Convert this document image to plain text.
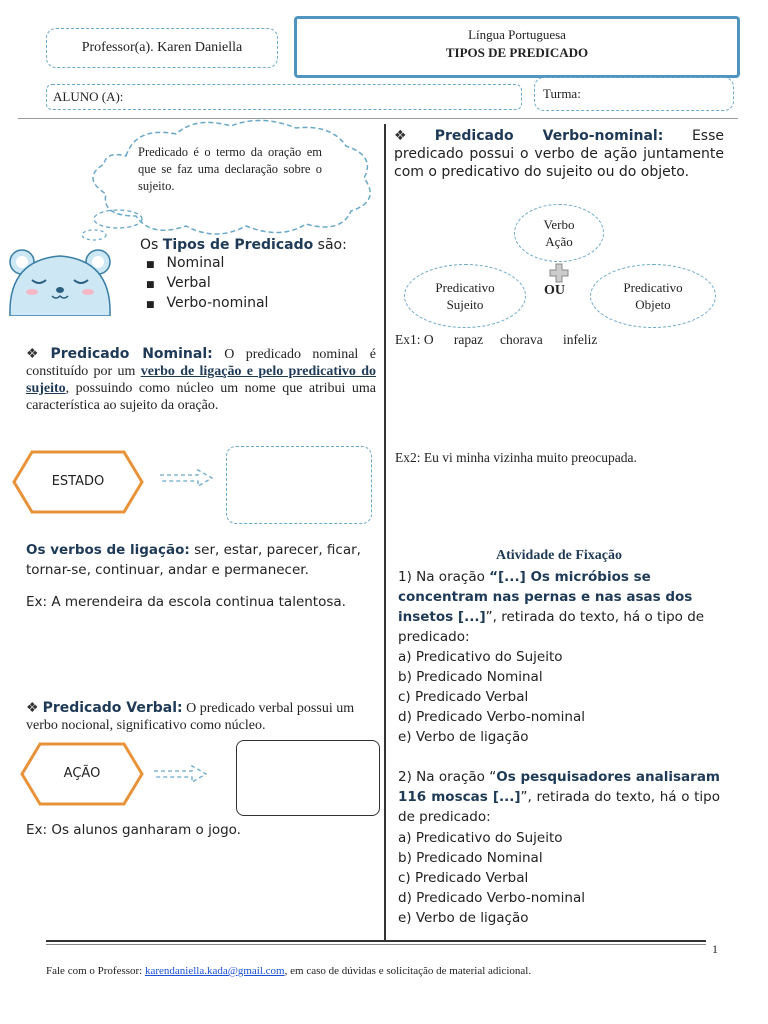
Professor(a). Karen Daniella
Língua Portuguesa
TIPOS DE PREDICADO
ALUNO (A):	Turma:
Predicado é o termo da oração em que se faz uma declaração sobre o sujeito.
Os Tipos de Predicado são:
■ Nominal
■ Verbal
■ Verbo-nominal
❖ Predicado Nominal: O predicado nominal é constituído por um verbo de ligação e pelo predicativo do sujeito, possuindo como núcleo um nome que atribui uma característica ao sujeito da oração.
ESTADO
Os verbos de ligação: ser, estar, parecer, ficar, tornar-se, continuar, andar e permanecer.
Ex: A merendeira da escola continua talentosa.
❖ Predicado Verbal: O predicado verbal possui um verbo nocional, significativo como núcleo.
AÇÃO
Ex: Os alunos ganharam o jogo.
❖ Predicado Verbo-nominal: Esse predicado possui o verbo de ação juntamente com o predicativo do sujeito ou do objeto.
Verbo Ação
Predicativo Sujeito
Predicativo Objeto
OU
Ex1: O      rapaz     chorava      infeliz
Ex2: Eu vi minha vizinha muito preocupada.
Atividade de Fixação
1) Na oração “[...] Os micróbios se concentram nas pernas e nas asas dos insetos [...]”, retirada do texto, há o tipo de predicado:
a) Predicativo do Sujeito
b) Predicado Nominal
c) Predicado Verbal
d) Predicado Verbo-nominal
e) Verbo de ligação
2) Na oração “Os pesquisadores analisaram 116 moscas [...]”, retirada do texto, há o tipo de predicado:
a) Predicativo do Sujeito
b) Predicado Nominal
c) Predicado Verbal
d) Predicado Verbo-nominal
e) Verbo de ligação
1
Fale com o Professor: karendaniella.kada@gmail.com, em caso de dúvidas e solicitação de material adicional.
